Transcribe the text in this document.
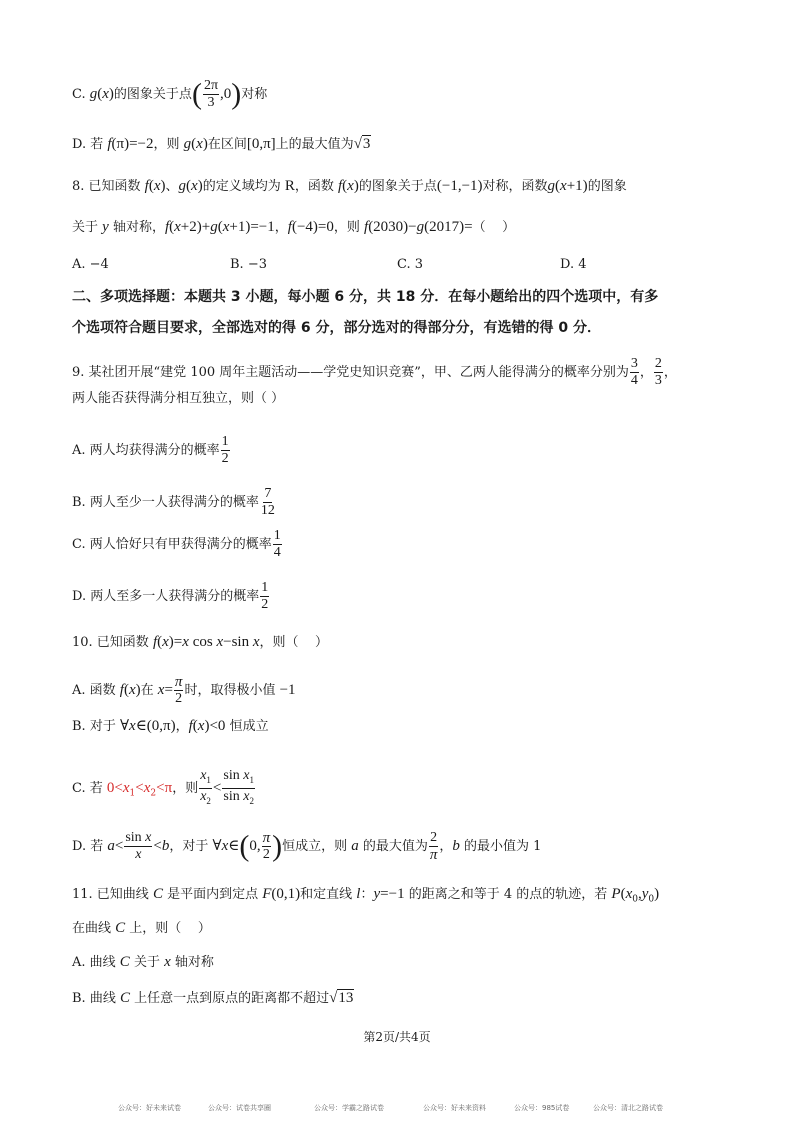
C. g(x)的图象关于点( $\frac{2\pi}{3} ,0$)对称
D. 若 f(π)=−2，则 g(x)在区间[0,π]上的最大值为√3
8. 已知函数 f(x)、g(x)的定义域均为 R，函数 f(x)的图象关于点(−1,−1)对称，函数g(x+1)的图象
关于 y 轴对称，f(x+2)+g(x+1)=−1，f(−4)=0，则 f(2030)−g(2017)=（    ）
A. −4	B. −3	C. 3	D. 4
二、多项选择题：本题共 3 小题，每小题 6 分，共 18 分．在每小题给出的四个选项中，有多
个选项符合题目要求，全部选对的得 6 分，部分选对的得部分分，有选错的得 0 分．
9. 某社团开展“建党 100 周年主题活动——学党史知识竞赛”，甲、乙两人能得满分的概率分别为 $\frac{3}{4}$ ， $\frac{2}{3}$ ，
两人能否获得满分相互独立，则（ ）
A. 两人均获得满分的概率 $\frac{1}{2}$
B. 两人至少一人获得满分的概率 $\frac{7}{12}$
C. 两人恰好只有甲获得满分的概率 $\frac{1}{4}$
D. 两人至多一人获得满分的概率 $\frac{1}{2}$
10. 已知函数 f(x)=x cos x−sin x，则（    ）
A. 函数 f(x)在 $x= \frac{\pi}{2}$ 时，取得极小值 −1
B. 对于 ∀x∈(0,π)，f(x)<0 恒成立
C. 若 $0<x_1<x_2<\pi$，则 $\frac{x_1}{x_2} < \frac{\sin x_1}{\sin x_2}$
D. 若 $a< \frac{\text{sin x}}{x} <b$，对于 ∀x∈(0, $\frac{\pi}{2}$ )恒成立，则 a 的最大值为 $\frac{2}{\pi}$ ，b 的最小值为 1
11. 已知曲线 C 是平面内到定点 F(0,1)和定直线 l：y=−1 的距离之和等于 4 的点的轨迹，若 $P(x_0,y_0)$
在曲线 C 上，则（    ）
A. 曲线 C 关于 x 轴对称
B. 曲线 C 上任意一点到原点的距离都不超过√13
第2页/共4页
公众号：好未来试卷	公众号：试卷共享圈	公众号：学霸之路试卷	公众号：好未来资料	公众号：985试卷	公众号：清北之路试卷
